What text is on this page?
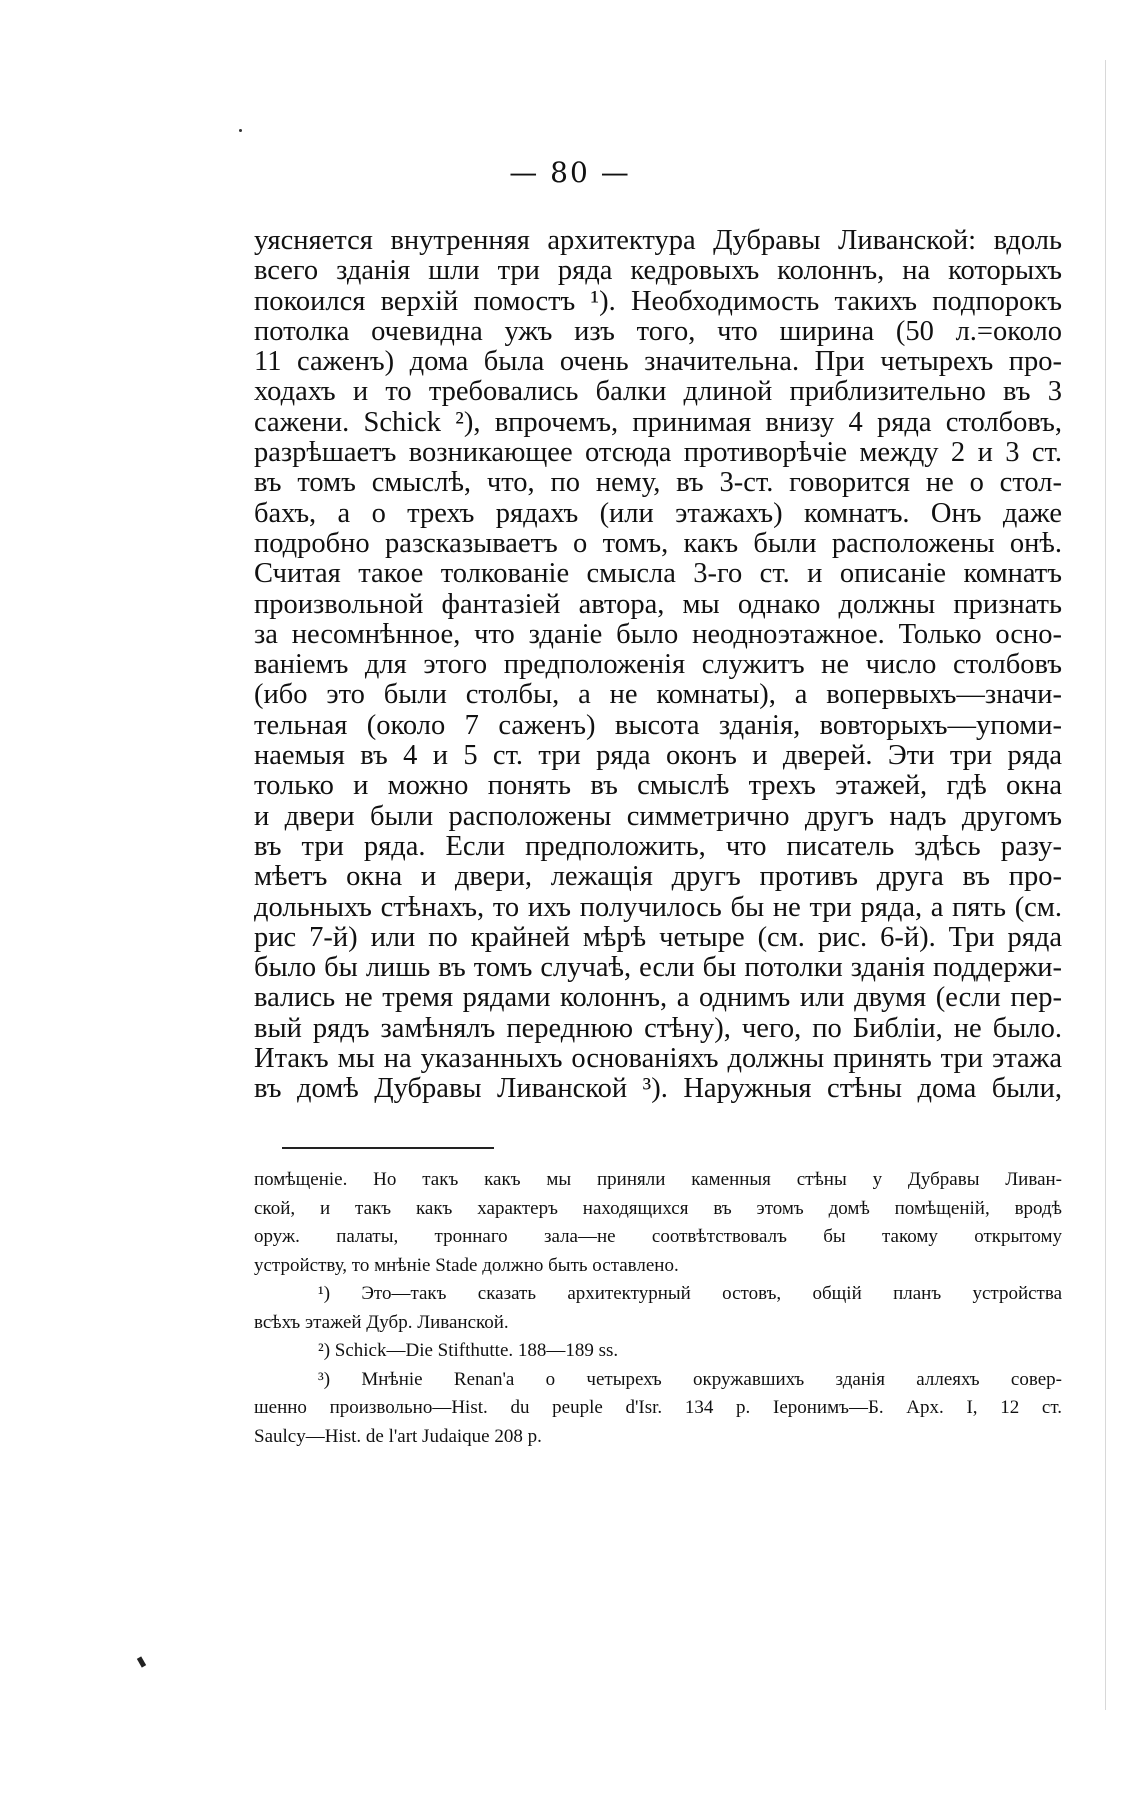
— 80 —
уясняется внутренняя архитектура Дубравы Ливанской: вдоль
всего зданія шли три ряда кедровыхъ колоннъ, на которыхъ
покоился верхій помостъ ¹). Необходимость такихъ подпорокъ
потолка очевидна ужъ изъ того, что ширина (50 л.=около
11 саженъ) дома была очень значительна. При четырехъ про-
ходахъ и то требовались балки длиной приблизительно въ 3
сажени. Schick ²), впрочемъ, принимая внизу 4 ряда столбовъ,
разрѣшаетъ возникающее отсюда противорѣчіе между 2 и 3 ст.
въ томъ смыслѣ, что, по нему, въ 3-ст. говорится не о стол-
бахъ, а о трехъ рядахъ (или этажахъ) комнатъ. Онъ даже
подробно разсказываетъ о томъ, какъ были расположены онѣ.
Считая такое толкованіе смысла 3-го ст. и описаніе комнатъ
произвольной фантазіей автора, мы однако должны признать
за несомнѣнное, что зданіе было неодноэтажное. Только осно-
ваніемъ для этого предположенія служитъ не число столбовъ
(ибо это были столбы, а не комнаты), а вопервыхъ—значи-
тельная (около 7 саженъ) высота зданія, вовторыхъ—упоми-
наемыя въ 4 и 5 ст. три ряда оконъ и дверей. Эти три ряда
только и можно понять въ смыслѣ трехъ этажей, гдѣ окна
и двери были расположены симметрично другъ надъ другомъ
въ три ряда. Если предположить, что писатель здѣсь разу-
мѣетъ окна и двери, лежащія другъ противъ друга въ про-
дольныхъ стѣнахъ, то ихъ получилось бы не три ряда, а пять (см.
рис 7-й) или по крайней мѣрѣ четыре (см. рис. 6-й). Три ряда
было бы лишь въ томъ случаѣ, если бы потолки зданія поддержи-
вались не тремя рядами колоннъ, а однимъ или двумя (если пер-
вый рядъ замѣнялъ переднюю стѣну), чего, по Библіи, не было.
Итакъ мы на указанныхъ основаніяхъ должны принять три этажа
въ домѣ Дубравы Ливанской ³). Наружныя стѣны дома были,
помѣщеніе. Но такъ какъ мы приняли каменныя стѣны у Дубравы Ливан-
ской, и такъ какъ характеръ находящихся въ этомъ домѣ помѣщеній, вродѣ
оруж. палаты, троннаго зала—не соотвѣтствовалъ бы такому открытому
устройству, то мнѣніе Stade должно быть оставлено.
¹) Это—такъ сказать архитектурный остовъ, общій планъ устройства
всѣхъ этажей Дубр. Ливанской.
²) Schick—Die Stifthutte. 188—189 ss.
³) Мнѣніе Renan'a о четырехъ окружавшихъ зданія аллеяхъ совер-
шенно произвольно—Hist. du peuple d'Isr. 134 p. Іеронимъ—Б. Арх. I, 12 ст.
Saulcy—Hist. de l'art Judaique 208 p.
